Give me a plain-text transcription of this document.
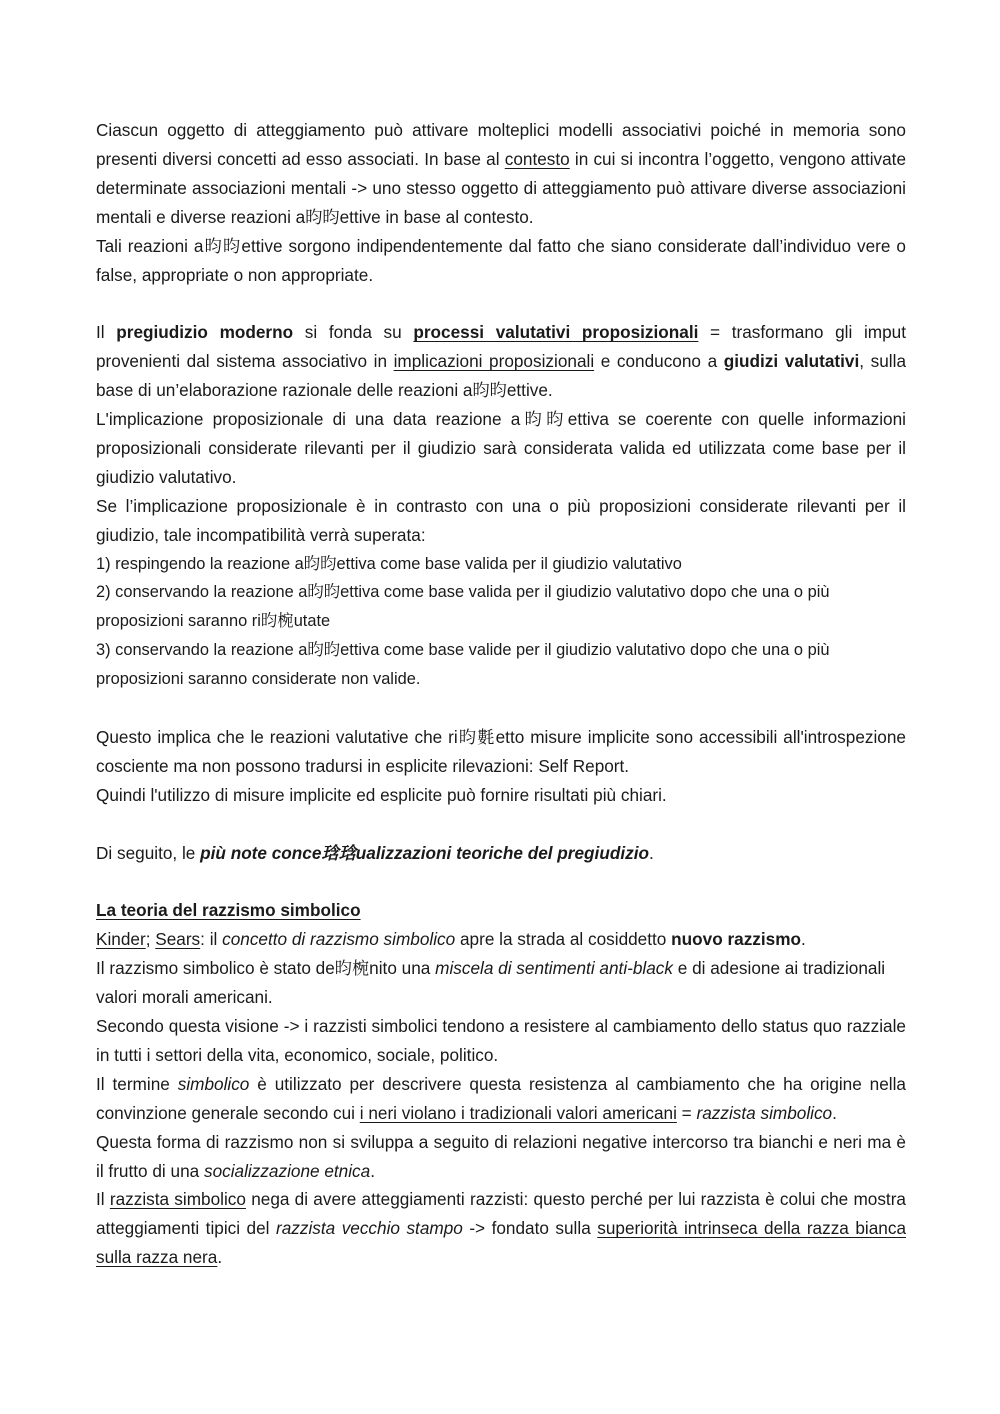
Ciascun oggetto di atteggiamento può attivare molteplici modelli associativi poiché in memoria sono presenti diversi concetti ad esso associati. In base al contesto in cui si incontra l’oggetto, vengono attivate determinate associazioni mentali -> uno stesso oggetto di atteggiamento può attivare diverse associazioni mentali e diverse reazioni a昀昀ettive in base al contesto.

Tali reazioni a昀昀ettive sorgono indipendentemente dal fatto che siano considerate dall’individuo vere o false, appropriate o non appropriate.

Il pregiudizio moderno si fonda su processi valutativi proposizionali = trasformano gli imput provenienti dal sistema associativo in implicazioni proposizionali e conducono a giudizi valutativi, sulla base di un’elaborazione razionale delle reazioni a昀昀ettive.

L'implicazione proposizionale di una data reazione a昀昀ettiva se coerente con quelle informazioni proposizionali considerate rilevanti per il giudizio sarà considerata valida ed utilizzata come base per il giudizio valutativo.

Se l’implicazione proposizionale è in contrasto con una o più proposizioni considerate rilevanti per il giudizio, tale incompatibilità verrà superata:

1) respingendo la reazione a昀昀ettiva come base valida per il giudizio valutativo

2) conservando la reazione a昀昀ettiva come base valida per il giudizio valutativo dopo che una o più proposizioni saranno ri昀椀utate

3) conservando la reazione a昀昀ettiva come base valide per il giudizio valutativo dopo che una o più proposizioni saranno considerate non valide.

Questo implica che le reazioni valutative che ri昀氀etto misure implicite sono accessibili all'introspezione cosciente ma non possono tradursi in esplicite rilevazioni: Self Report.

Quindi l'utilizzo di misure implicite ed esplicite può fornire risultati più chiari.

Di seguito, le più note conce琀琀ualizzazioni teoriche del pregiudizio.

La teoria del razzismo simbolico

Kinder; Sears: il concetto di razzismo simbolico apre la strada al cosiddetto nuovo razzismo.

Il razzismo simbolico è stato de昀椀nito una miscela di sentimenti anti-black e di adesione ai tradizionali

valori morali americani.

Secondo questa visione -> i razzisti simbolici tendono a resistere al cambiamento dello status quo razziale in tutti i settori della vita, economico, sociale, politico.

Il termine simbolico è utilizzato per descrivere questa resistenza al cambiamento che ha origine nella convinzione generale secondo cui i neri violano i tradizionali valori americani = razzista simbolico.

Questa forma di razzismo non si sviluppa a seguito di relazioni negative intercorso tra bianchi e neri ma è il frutto di una socializzazione etnica.

Il razzista simbolico nega di avere atteggiamenti razzisti: questo perché per lui razzista è colui che mostra atteggiamenti tipici del razzista vecchio stampo -> fondato sulla superiorità intrinseca della razza bianca sulla razza nera.
